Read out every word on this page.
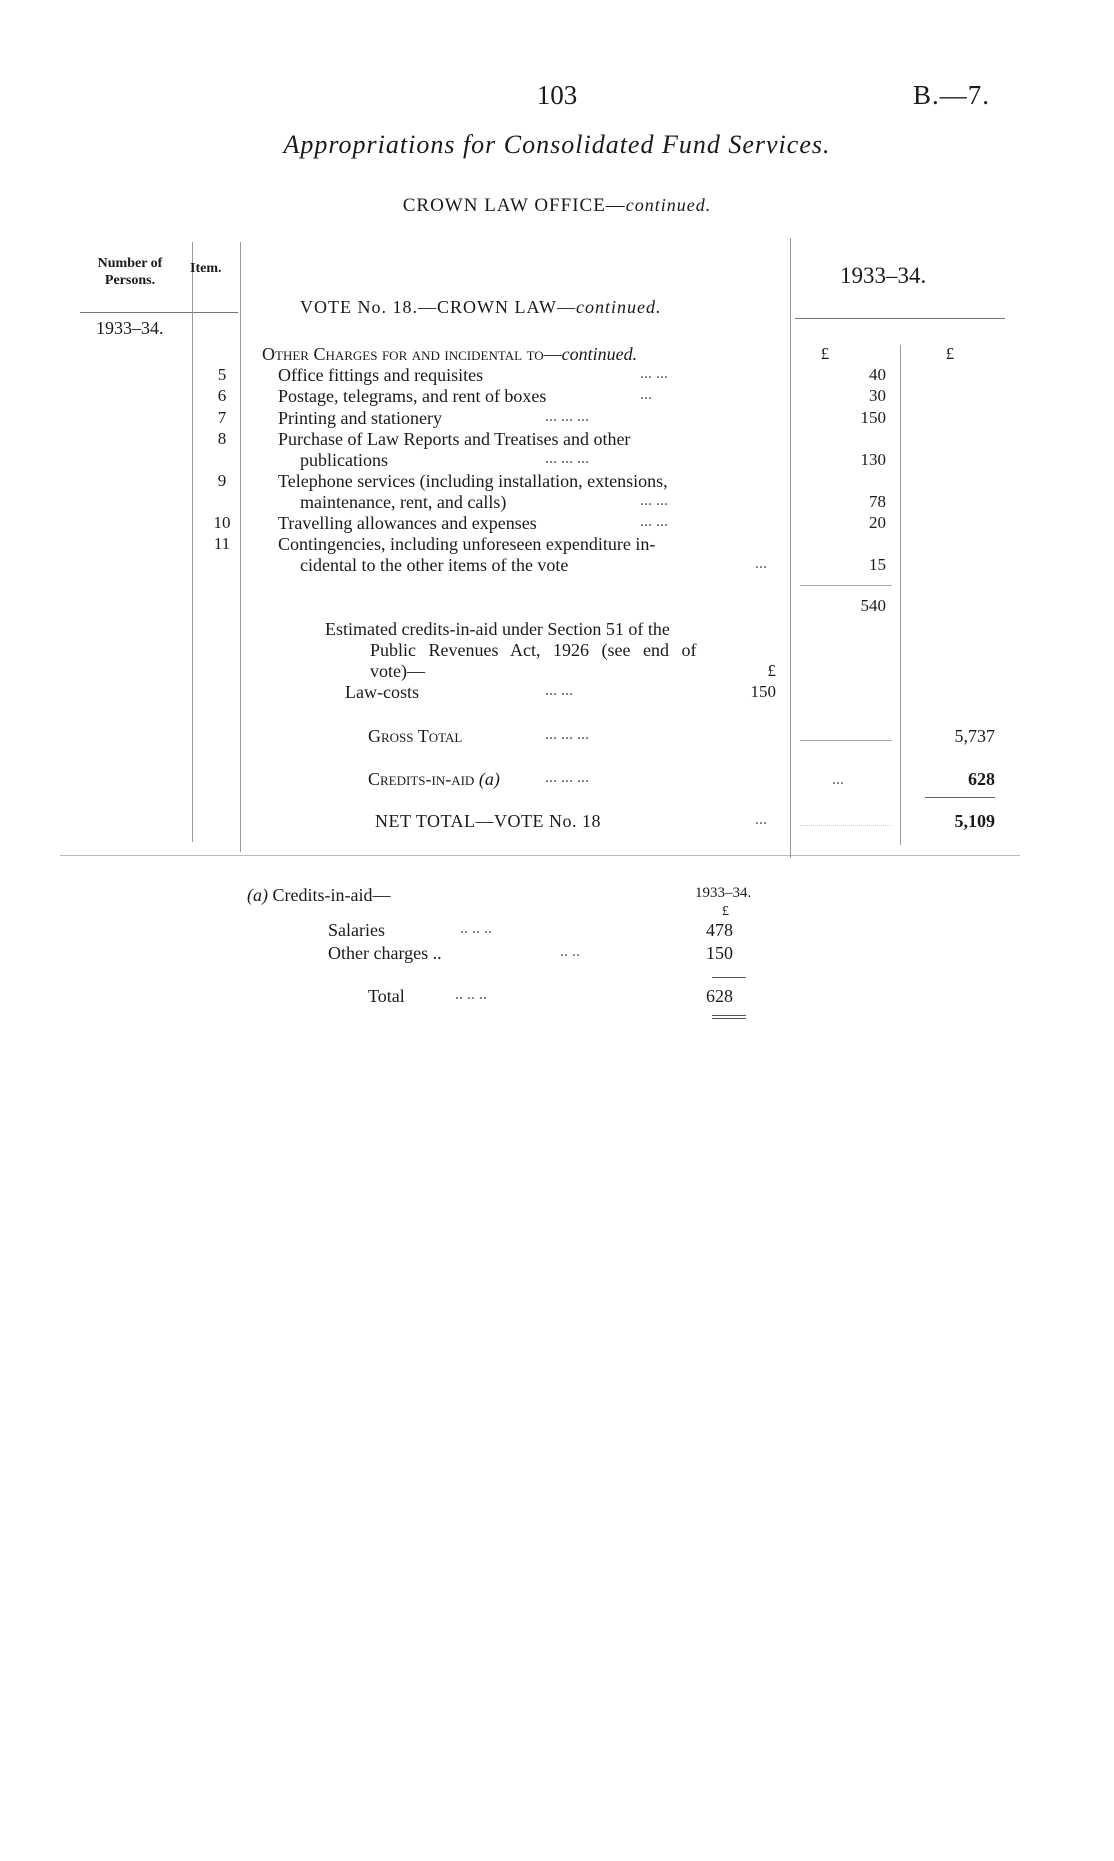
103	B.—7.
Appropriations for Consolidated Fund Services.
CROWN LAW OFFICE—continued.
Number of Persons.
Item.	1933–34.
VOTE No. 18.—CROWN LAW—continued.
1933–34.
Other Charges for and incidental to—continued.	£	£
5	Office fittings and requisites	... ...	40
6	Postage, telegrams, and rent of boxes	...	30
7	Printing and stationery	... ... ...	150
8	Purchase of Law Reports and Treatises and other
publications	... ... ...	130
9	Telephone services (including installation, extensions,
maintenance, rent, and calls)	... ...	78
10	Travelling allowances and expenses	... ...	20
11	Contingencies, including unforeseen expenditure in-
cidental to the other items of the vote	...	15
540
Estimated credits-in-aid under Section 51 of the
Public Revenues Act, 1926 (see end of
vote)—	£
Law-costs	... ...	150
Gross Total	... ... ...	5,737
Credits-in-aid (a)	... ... ...	...	628
NET TOTAL—VOTE No. 18	...	5,109
(a) Credits-in-aid—	1933–34.
£
Salaries	.. .. ..	478
Other charges ..	.. ..	150
Total	.. .. ..	628
